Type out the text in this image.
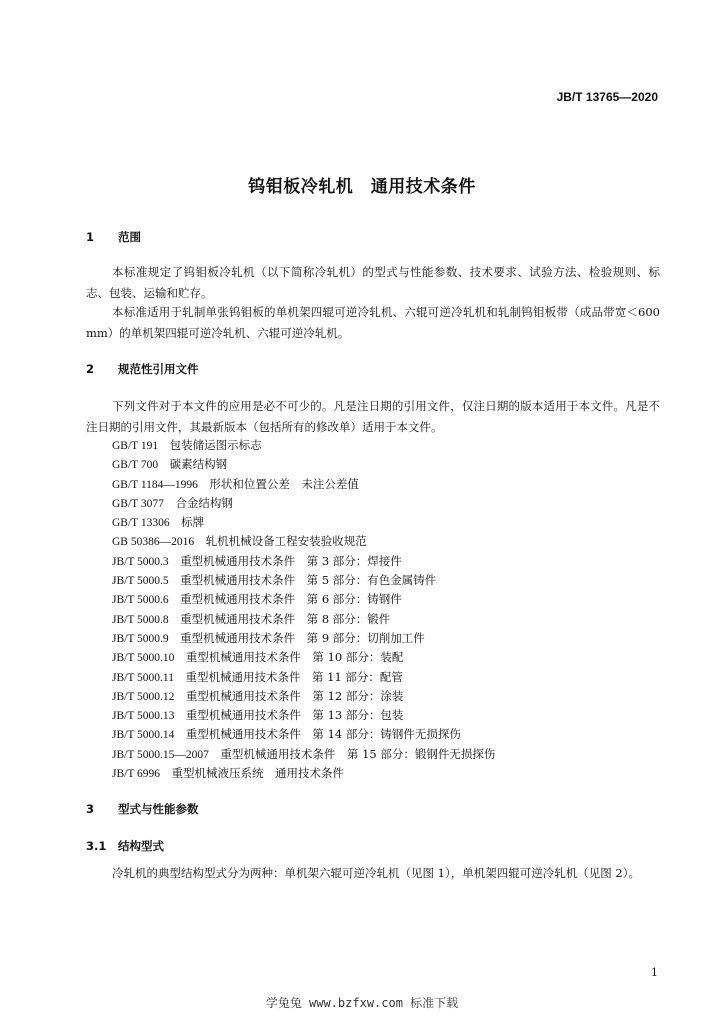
JB/T 13765—2020
钨钼板冷轧机　通用技术条件
1 范围

本标准规定了钨钼板冷轧机（以下简称冷轧机）的型式与性能参数、技术要求、试验方法、检验规则、标志、包装、运输和贮存。

本标准适用于轧制单张钨钼板的单机架四辊可逆冷轧机、六辊可逆冷轧机和轧制钨钼板带（成品带宽＜600 mm）的单机架四辊可逆冷轧机、六辊可逆冷轧机。

2 规范性引用文件

下列文件对于本文件的应用是必不可少的。凡是注日期的引用文件，仅注日期的版本适用于本文件。凡是不注日期的引用文件，其最新版本（包括所有的修改单）适用于本文件。

GB/T 191　 包装储运图示标志
GB/T 700　 碳素结构钢
GB/T 1184—1996　 形状和位置公差　未注公差值
GB/T 3077　 合金结构钢
GB/T 13306　 标牌
GB 50386—2016　 轧机机械设备工程安装验收规范
JB/T 5000.3　 重型机械通用技术条件　第 3 部分：焊接件
JB/T 5000.5　 重型机械通用技术条件　第 5 部分：有色金属铸件
JB/T 5000.6　 重型机械通用技术条件　第 6 部分：铸钢件
JB/T 5000.8　 重型机械通用技术条件　第 8 部分：锻件
JB/T 5000.9　 重型机械通用技术条件　第 9 部分：切削加工件
JB/T 5000.10　 重型机械通用技术条件　第 10 部分：装配
JB/T 5000.11　 重型机械通用技术条件　第 11 部分：配管
JB/T 5000.12　 重型机械通用技术条件　第 12 部分：涂装
JB/T 5000.13　 重型机械通用技术条件　第 13 部分：包装
JB/T 5000.14　 重型机械通用技术条件　第 14 部分：铸钢件无损探伤
JB/T 5000.15—2007　 重型机械通用技术条件　第 15 部分：锻钢件无损探伤
JB/T 6996　 重型机械液压系统　通用技术条件
3 型式与性能参数
3.1 结构型式

冷轧机的典型结构型式分为两种：单机架六辊可逆冷轧机（见图 1），单机架四辊可逆冷轧机（见图 2）。

1
学兔兔 www.bzfxw.com 标准下载
